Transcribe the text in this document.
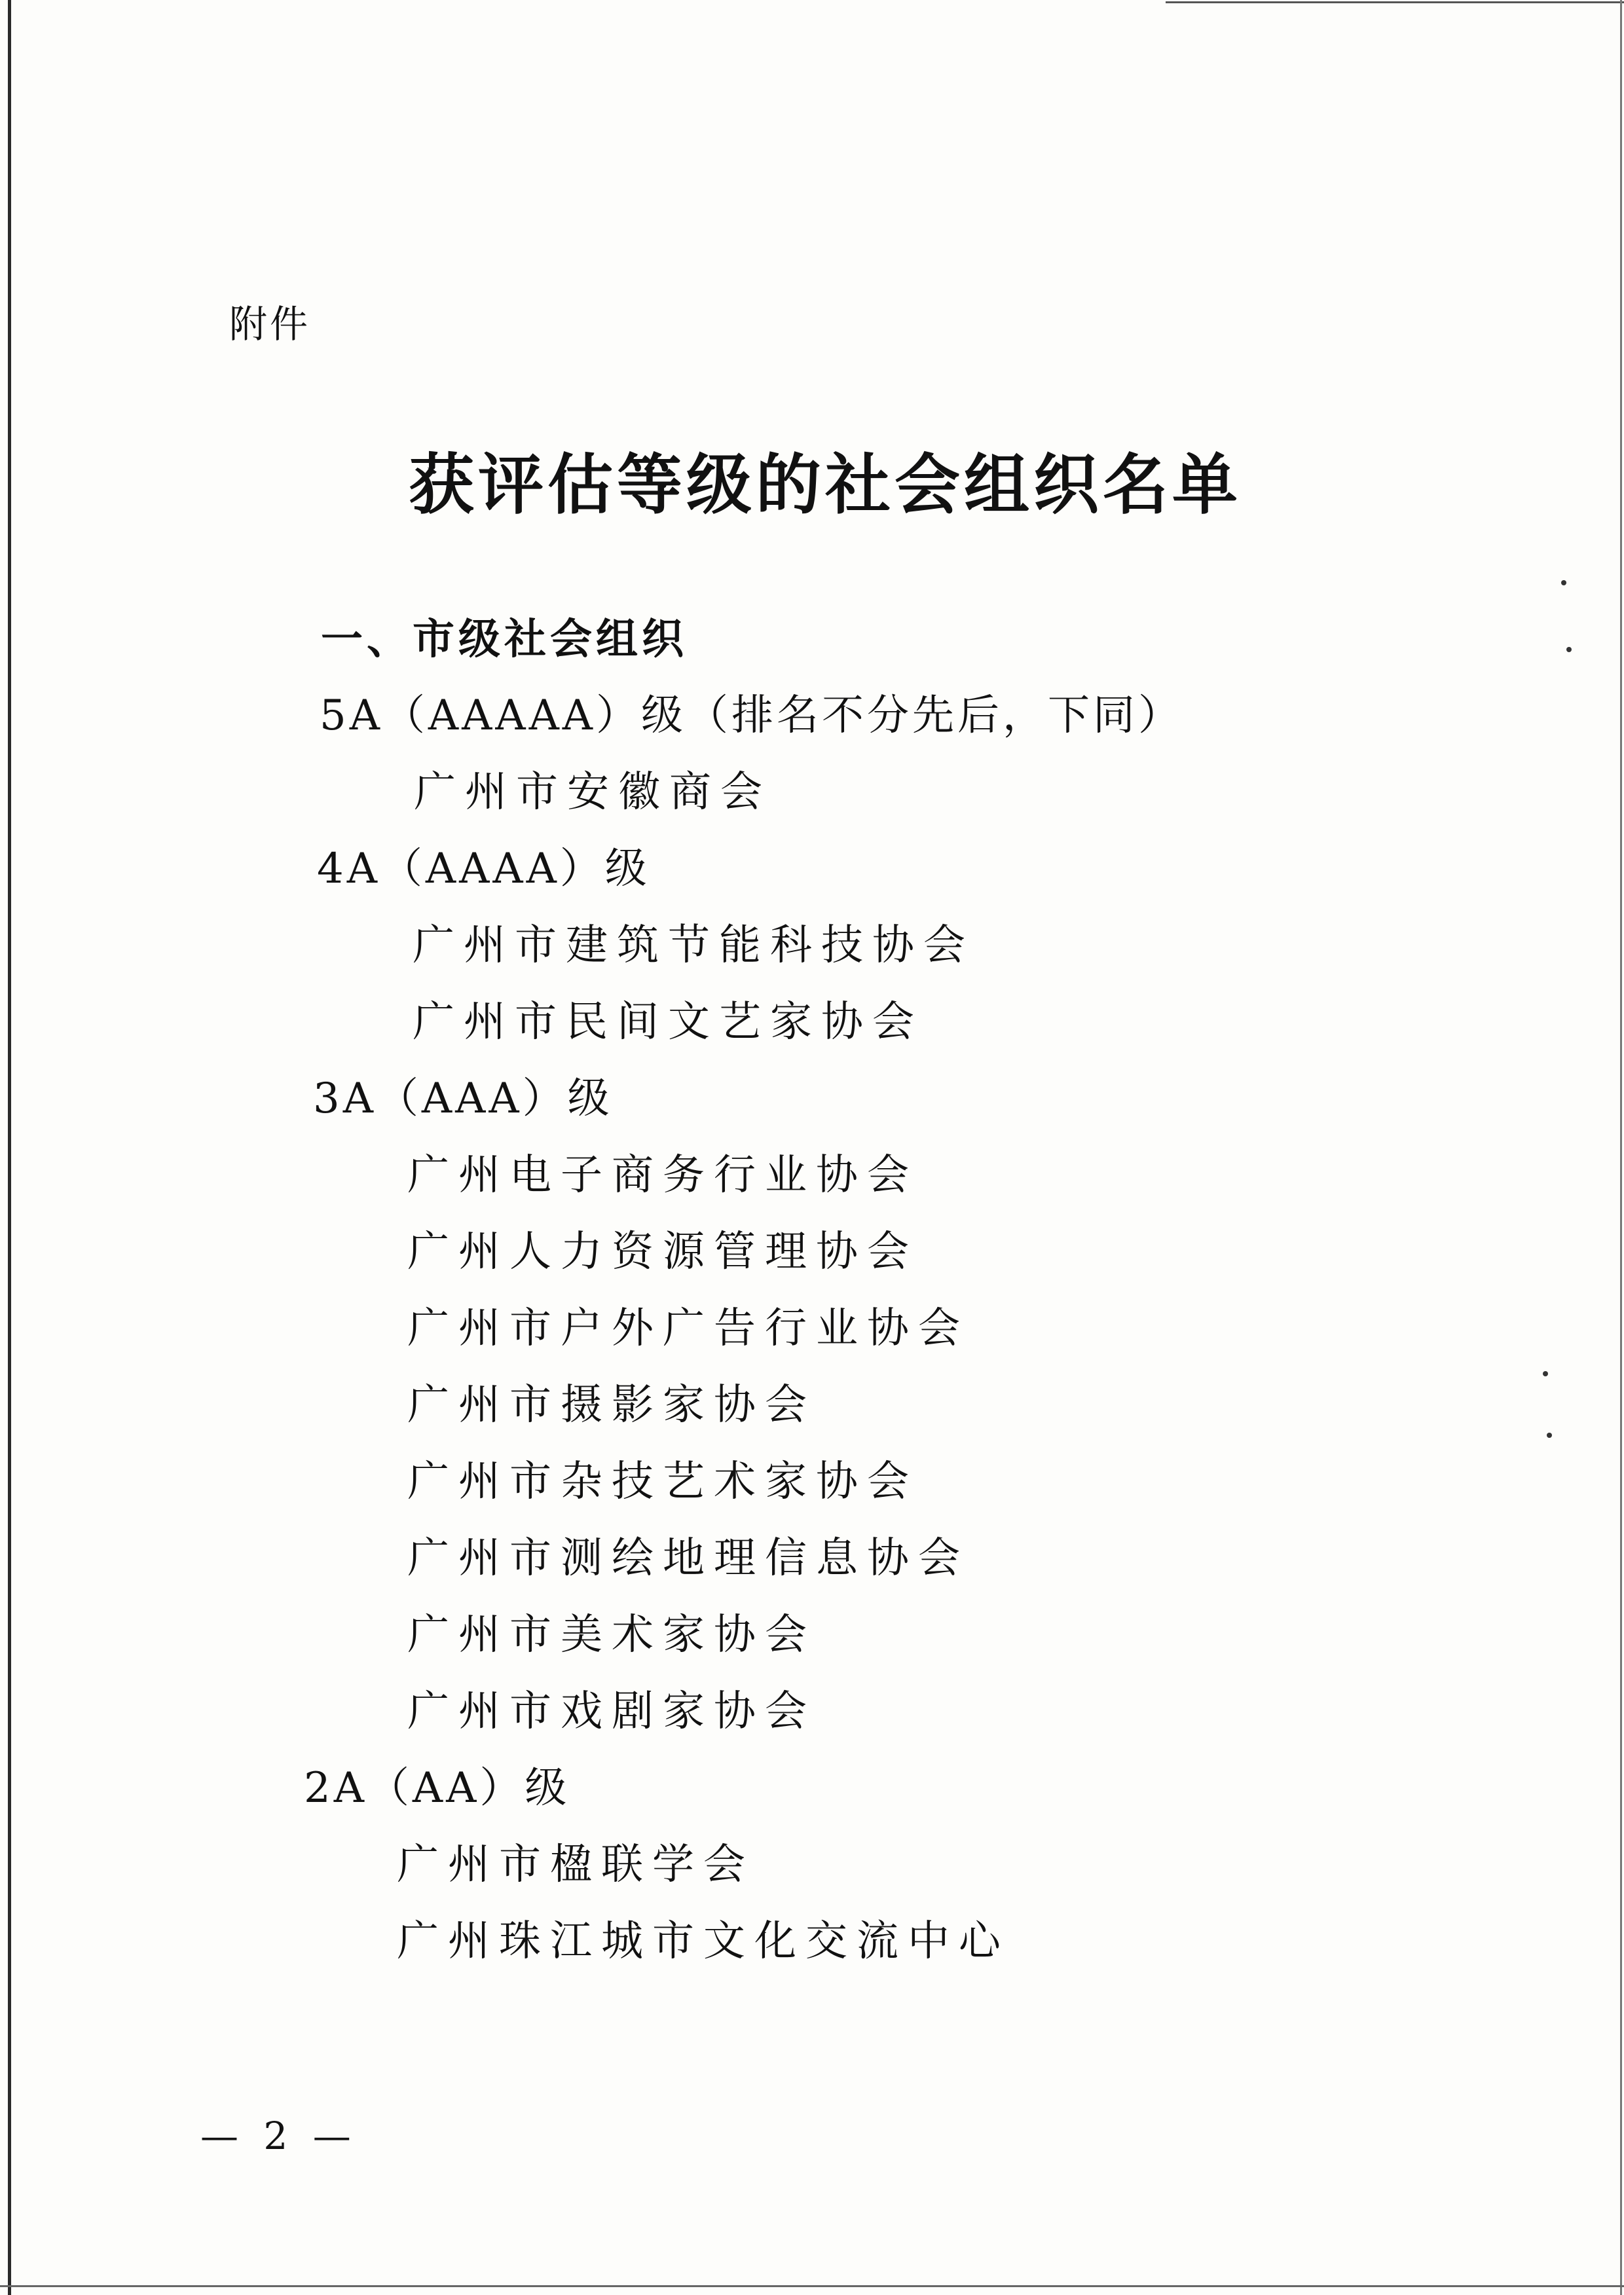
附件
获评估等级的社会组织名单
一、市级社会组织
5A（AAAAA）级（排名不分先后，下同）
广州市安徽商会
4A（AAAA）级
广州市建筑节能科技协会
广州市民间文艺家协会
3A（AAA）级
广州电子商务行业协会
广州人力资源管理协会
广州市户外广告行业协会
广州市摄影家协会
广州市杂技艺术家协会
广州市测绘地理信息协会
广州市美术家协会
广州市戏剧家协会
2A（AA）级
广州市楹联学会
广州珠江城市文化交流中心
— 2 —
